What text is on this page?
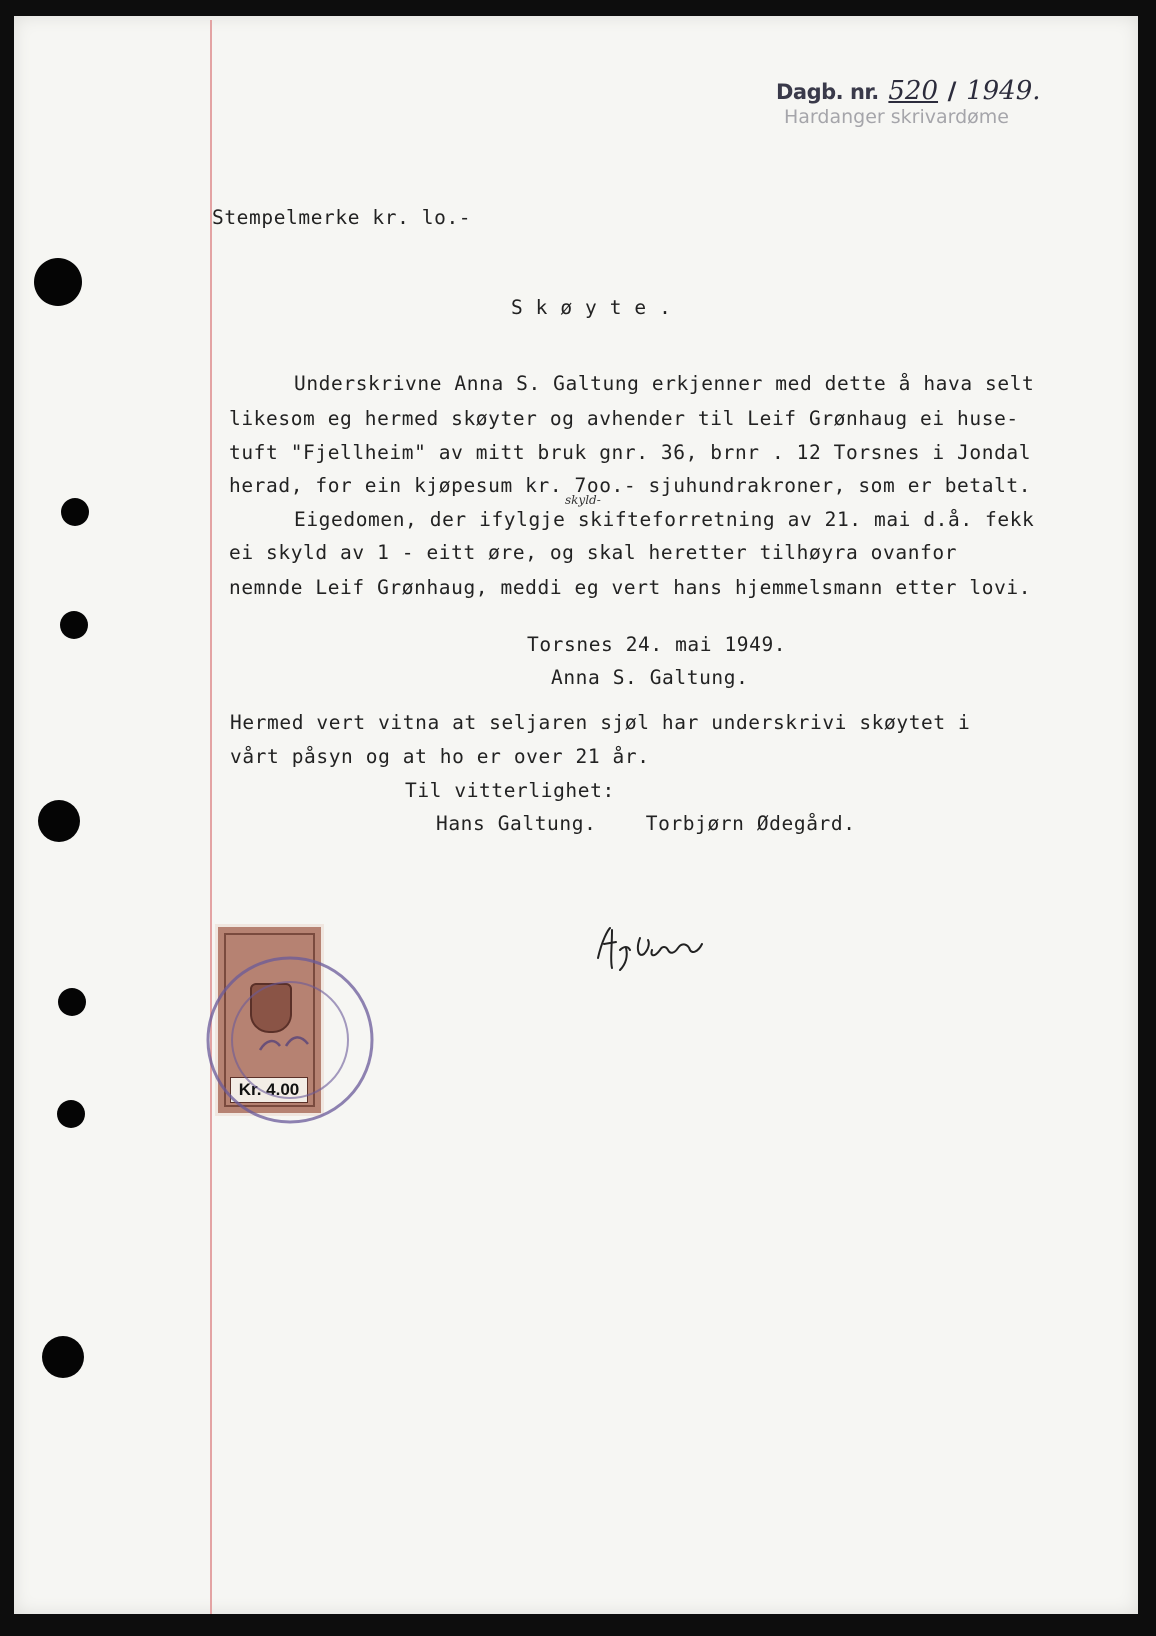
Dagb. nr. 520 / 1949.
Hardanger skrivardøme
Stempelmerke kr. lo.-
S k ø y t e .
Underskrivne Anna S. Galtung erkjenner med dette å hava selt
likesom eg hermed skøyter og avhender til Leif Grønhaug ei huse-
tuft "Fjellheim" av mitt bruk gnr. 36, brnr . 12 Torsnes i Jondal
herad, for ein kjøpesum kr. 7oo.- sjuhundrakroner, som er betalt.
skyld-
Eigedomen, der ifylgje skifteforretning av 21. mai d.å. fekk
ei skyld av 1 - eitt øre, og skal heretter tilhøyra ovanfor
nemnde Leif Grønhaug, meddi eg vert hans hjemmelsmann etter lovi.
Torsnes 24. mai 1949.
Anna S. Galtung.
Hermed vert vitna at seljaren sjøl har underskrivi skøytet i
vårt påsyn og at ho er over 21 år.
Til vitterlighet:
Hans Galtung.    Torbjørn Ødegård.
Kr. 4.00
